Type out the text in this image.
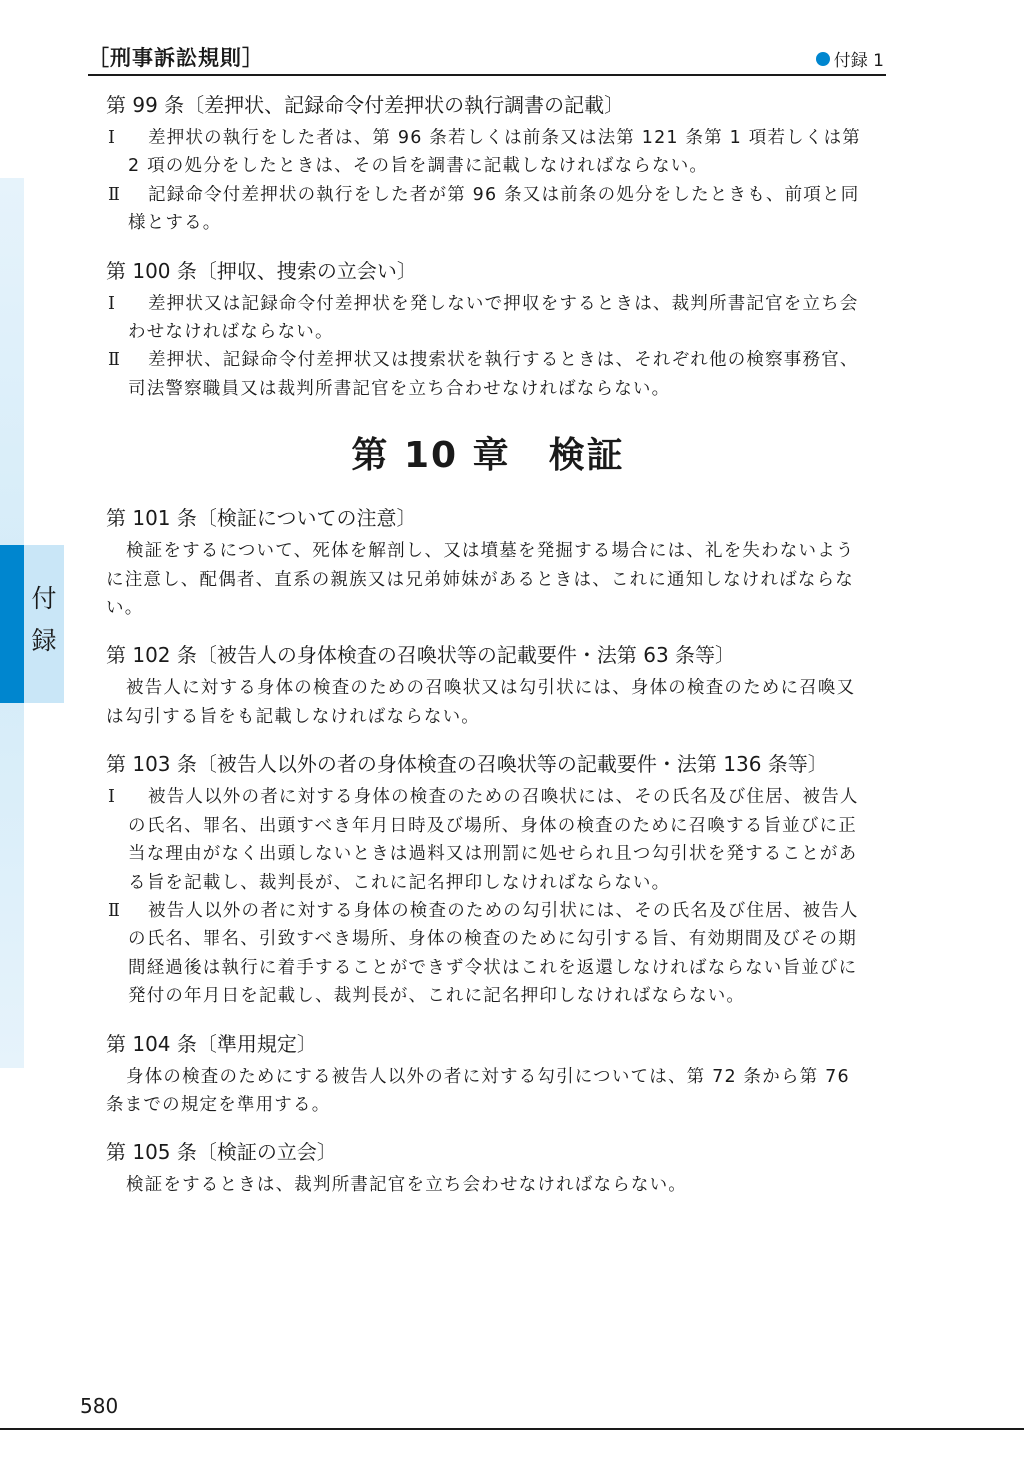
付
録
［刑事訴訟規則］	付録 1
第 99 条〔差押状、記録命令付差押状の執行調書の記載〕

Ⅰ 差押状の執行をした者は、第 96 条若しくは前条又は法第 121 条第 1 項若しくは第 2 項の処分をしたときは、その旨を調書に記載しなければならない。

Ⅱ 記録命令付差押状の執行をした者が第 96 条又は前条の処分をしたときも、前項と同様とする。

第 100 条〔押収、捜索の立会い〕

Ⅰ 差押状又は記録命令付差押状を発しないで押収をするときは、裁判所書記官を立ち会わせなければならない。

Ⅱ 差押状、記録命令付差押状又は捜索状を執行するときは、それぞれ他の検察事務官、司法警察職員又は裁判所書記官を立ち合わせなければならない。

第 10 章　検証
第 101 条〔検証についての注意〕

検証をするについて、死体を解剖し、又は墳墓を発掘する場合には、礼を失わないように注意し、配偶者、直系の親族又は兄弟姉妹があるときは、これに通知しなければならない。

第 102 条〔被告人の身体検査の召喚状等の記載要件・法第 63 条等〕

被告人に対する身体の検査のための召喚状又は勾引状には、身体の検査のために召喚又は勾引する旨をも記載しなければならない。

第 103 条〔被告人以外の者の身体検査の召喚状等の記載要件・法第 136 条等〕

Ⅰ 被告人以外の者に対する身体の検査のための召喚状には、その氏名及び住居、被告人の氏名、罪名、出頭すべき年月日時及び場所、身体の検査のために召喚する旨並びに正当な理由がなく出頭しないときは過料又は刑罰に処せられ且つ勾引状を発することがある旨を記載し、裁判長が、これに記名押印しなければならない。

Ⅱ 被告人以外の者に対する身体の検査のための勾引状には、その氏名及び住居、被告人の氏名、罪名、引致すべき場所、身体の検査のために勾引する旨、有効期間及びその期間経過後は執行に着手することができず令状はこれを返還しなければならない旨並びに発付の年月日を記載し、裁判長が、これに記名押印しなければならない。

第 104 条〔準用規定〕

身体の検査のためにする被告人以外の者に対する勾引については、第 72 条から第 76 条までの規定を準用する。

第 105 条〔検証の立会〕

検証をするときは、裁判所書記官を立ち会わせなければならない。

580
